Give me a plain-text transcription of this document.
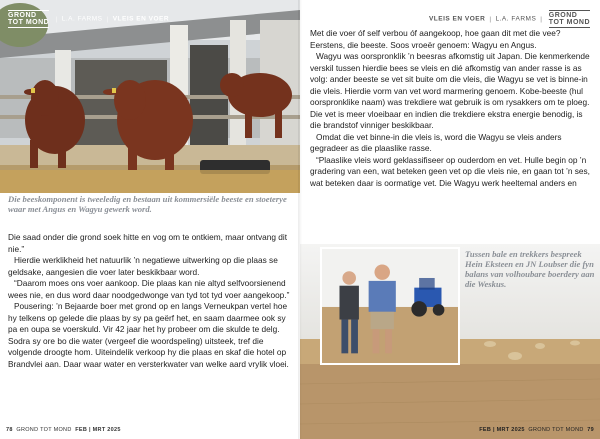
GROND
TOT MOND | L.A. FARMS | VLEIS EN VOER
Die beeskomponent is tweeledig en bestaan uit kommersiële beeste en stoeterye waar met Angus en Wagyu gewerk word.

Die saad onder die grond soek hitte en vog om te ontkiem, maar ontvang dit nie.”

Hierdie werklikheid het natuurlik ’n negatiewe uitwerking op die plaas se geldsake, aangesien die voer later beskikbaar word.

“Daarom moes ons voer aankoop. Die plaas kan nie altyd selfvoorsienend wees nie, en dus word daar noodgedwonge van tyd tot tyd voer aangekoop.”

Pousering: ’n Bejaarde boer met grond op en langs Verneukpan vertel hoe hy telkens op gelede die plaas by sy pa geërf het, en saam daarmee ook sy pa en oupa se voerskuld. Vir 42 jaar het hy probeer om die skulde te delg. Sodra sy ore bo die water (vergeef die woordspeling) uitsteek, tref die volgende droogte hom. Uiteindelik verkoop hy die plaas en skaf die hotel op Brandvlei aan. Daar waar water en versterkwater van welke aard vrylik vloei.

78 GROND TOT MOND FEB | MRT 2025
VLEIS EN VOER | L.A. FARMS | GROND
TOT MOND

Met die voer óf self verbou óf aangekoop, hoe gaan dit met die vee? Eerstens, die beeste. Soos vroeër genoem: Wagyu en Angus.

Wagyu was oorspronklik ’n beesras afkomstig uit Japan. Die kenmerkende verskil tussen hierdie bees se vleis en dié afkomstig van ander rasse is as volg: ander beeste se vet sit buite om die vleis, die Wagyu se vet is binne-in die vleis. Hierdie vorm van vet word marmering genoem. Kobe-beeste (hul oorspronklike naam) was trekdiere wat gebruik is om rysakkers om te ploeg. Die vet is meer vloeibaar en indien die trekdiere ekstra energie benodig, is die brandstof vinniger beskikbaar.

Omdat die vet binne-in die vleis is, word die Wagyu se vleis anders gegradeer as die plaaslike rasse.

“Plaaslike vleis word geklassifiseer op ouderdom en vet. Hulle begin op ’n gradering van een, wat beteken geen vet op die vleis nie, en gaan tot ’n ses, wat beteken daar is oormatige vet. Die Wagyu werk heeltemal anders en

Tussen bale en trekkers bespreek Hein Eksteen en JN Loubser die fyn balans van volhoubare boerdery aan die Weskus.
FEB | MRT 2025 GROND TOT MOND 79
